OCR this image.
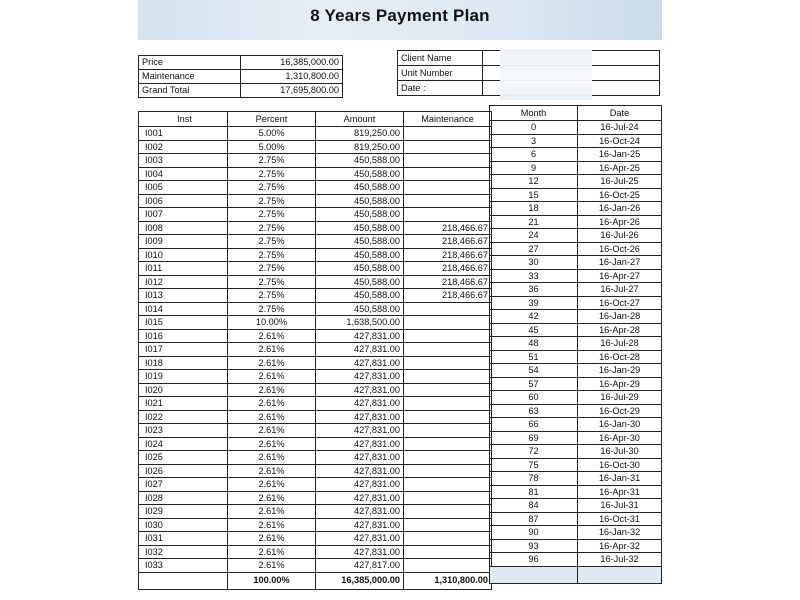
8 Years Payment Plan
Price	16,385,000.00
Maintenance	1,310,800.00
Grand Total	17,695,800.00
Client Name	
Unit Number	
Date :	
Inst	Percent	Amount	Maintenance
I001	5.00%	819,250.00	
I002	5.00%	819,250.00	
I003	2.75%	450,588.00	
I004	2.75%	450,588.00	
I005	2.75%	450,588.00	
I006	2.75%	450,588.00	
I007	2.75%	450,588.00	
I008	2.75%	450,588.00	218,466.67
I009	2.75%	450,588.00	218,466.67
I010	2.75%	450,588.00	218,466.67
I011	2.75%	450,588.00	218,466.67
I012	2.75%	450,588.00	218,466.67
I013	2.75%	450,588.00	218,466.67
I014	2.75%	450,588.00	
I015	10.00%	1,638,500.00	
I016	2.61%	427,831.00	
I017	2.61%	427,831.00	
I018	2.61%	427,831.00	
I019	2.61%	427,831.00	
I020	2.61%	427,831.00	
I021	2.61%	427,831.00	
I022	2.61%	427,831.00	
I023	2.61%	427,831.00	
I024	2.61%	427,831.00	
I025	2.61%	427,831.00	
I026	2.61%	427,831.00	
I027	2.61%	427,831.00	
I028	2.61%	427,831.00	
I029	2.61%	427,831.00	
I030	2.61%	427,831.00	
I031	2.61%	427,831.00	
I032	2.61%	427,831.00	
I033	2.61%	427,817.00	
	100.00%	16,385,000.00	1,310,800.00
Month	Date
0	16-Jul-24
3	16-Oct-24
6	16-Jan-25
9	16-Apr-25
12	16-Jul-25
15	16-Oct-25
18	16-Jan-26
21	16-Apr-26
24	16-Jul-26
27	16-Oct-26
30	16-Jan-27
33	16-Apr-27
36	16-Jul-27
39	16-Oct-27
42	16-Jan-28
45	16-Apr-28
48	16-Jul-28
51	16-Oct-28
54	16-Jan-29
57	16-Apr-29
60	16-Jul-29
63	16-Oct-29
66	16-Jan-30
69	16-Apr-30
72	16-Jul-30
75	16-Oct-30
78	16-Jan-31
81	16-Apr-31
84	16-Jul-31
87	16-Oct-31
90	16-Jan-32
93	16-Apr-32
96	16-Jul-32
